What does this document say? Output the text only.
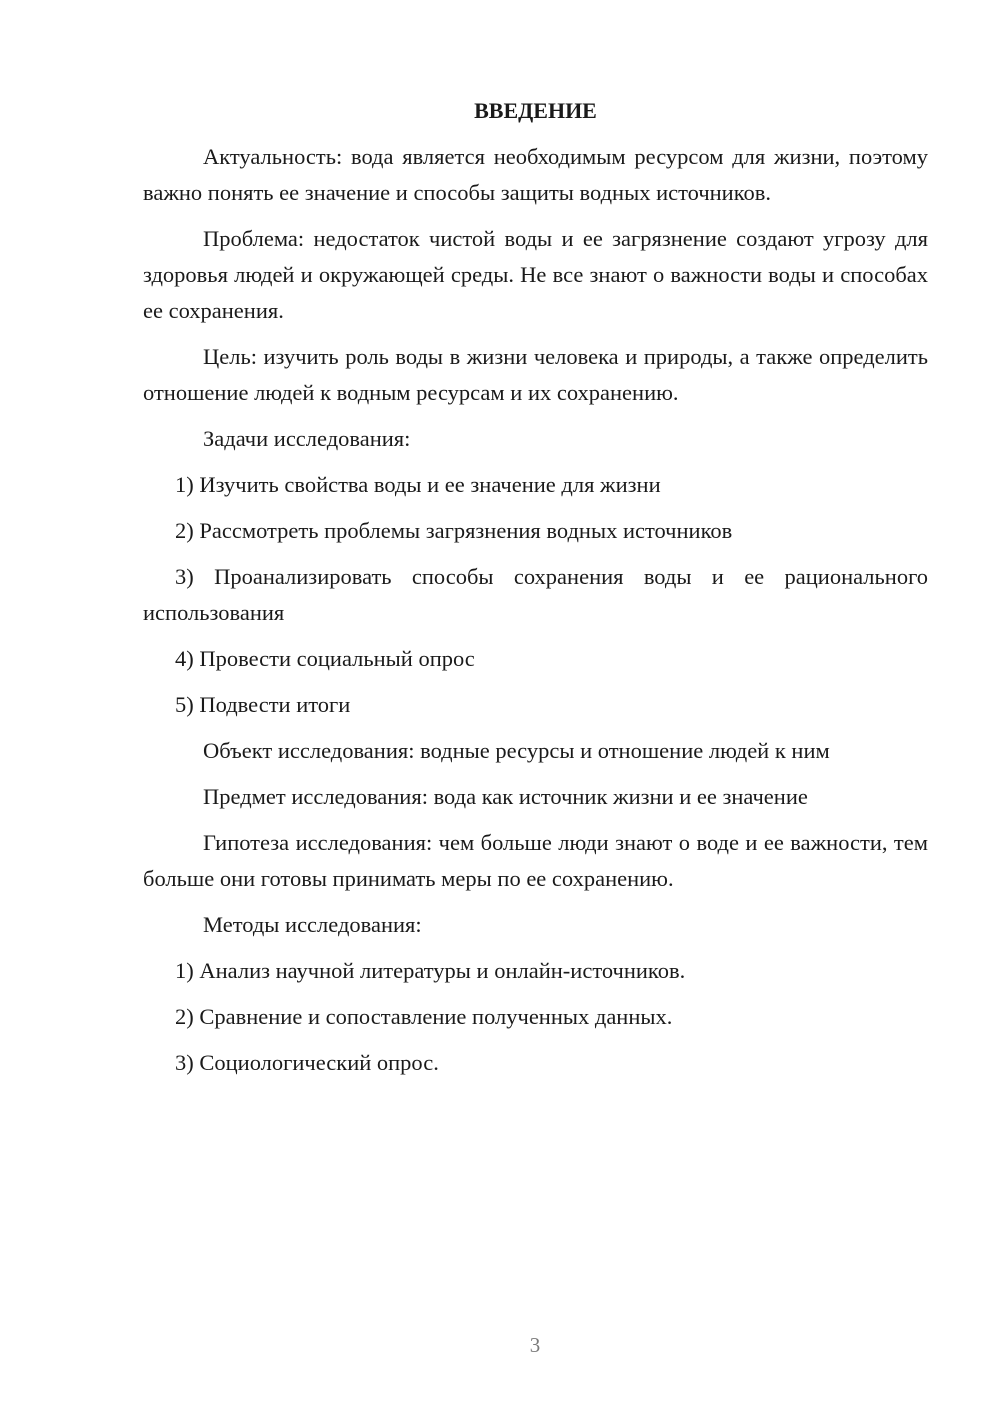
ВВЕДЕНИЕ

Актуальность: вода является необходимым ресурсом для жизни, поэтому важно понять ее значение и способы защиты водных источников.

Проблема: недостаток чистой воды и ее загрязнение создают угрозу для здоровья людей и окружающей среды. Не все знают о важности воды и способах ее сохранения.

Цель: изучить роль воды в жизни человека и природы, а также определить отношение людей к водным ресурсам и их сохранению.

Задачи исследования:

1) Изучить свойства воды и ее значение для жизни

2) Рассмотреть проблемы загрязнения водных источников

3) Проанализировать способы сохранения воды и ее рационального использования

4) Провести социальный опрос

5) Подвести итоги

Объект исследования: водные ресурсы и отношение людей к ним

Предмет исследования: вода как источник жизни и ее значение

Гипотеза исследования: чем больше люди знают о воде и ее важности, тем больше они готовы принимать меры по ее сохранению.

Методы исследования:

1) Анализ научной литературы и онлайн-источников.

2) Сравнение и сопоставление полученных данных.

3) Социологический опрос.

3
